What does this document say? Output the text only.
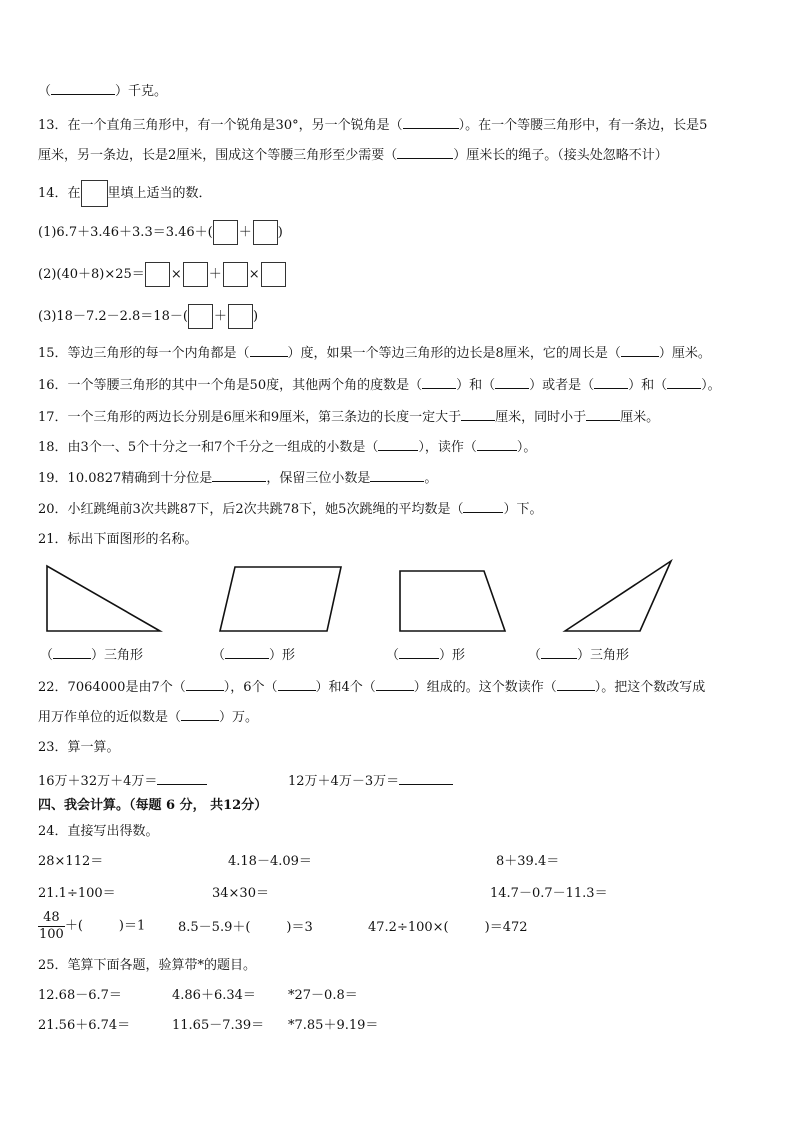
（	）千克。
13．在一个直角三角形中，有一个锐角是30°，另一个锐角是（	）。在一个等腰三角形中，有一条边，长是5
厘米，另一条边，长是2厘米，围成这个等腰三角形至少需要（	）厘米长的绳子。（接头处忽略不计）
14．在 里填上适当的数．
(1)6.7＋3.46＋3.3＝3.46＋( ＋ )
(2)(40＋8)×25＝ × ＋ ×
(3)18－7.2－2.8＝18－( ＋ )
15．等边三角形的每一个内角都是（	）度，如果一个等边三角形的边长是8厘米，它的周长是（	）厘米。
16．一个等腰三角形的其中一个角是50度，其他两个角的度数是（	）和（	）或者是（	）和（	）。
17．一个三角形的两边长分别是6厘米和9厘米，第三条边的长度一定大于	厘米，同时小于	厘米。
18．由3个一、5个十分之一和7个千分之一组成的小数是（	），读作（	）。
19．10.0827精确到十分位是	，保留三位小数是	。
20．小红跳绳前3次共跳87下，后2次共跳78下，她5次跳绳的平均数是（	）下。
21．标出下面图形的名称。
（	）三角形	（	）形	（	）形	（	）三角形
22．7064000是由7个（	），6个（	）和4个（	）组成的。这个数读作（	）。把这个数改写成
用万作单位的近似数是（	）万。
23．算一算。
16万＋32万＋4万＝	12万＋4万－3万＝
四、我会计算。（每题 6 分， 共12分）
24．直接写出得数。
28×112＝	4.18－4.09＝	8＋39.4＝
21.1÷100＝	34×30＝	14.7－0.7－11.3＝
$\frac{48}{100}$ ＋(	)＝1	8.5－5.9＋(	)＝3	47.2÷100×(	)＝472
25．笔算下面各题，验算带*的题目。
12.68－6.7＝	4.86＋6.34＝ *27－0.8＝
21.56＋6.74＝	11.65－7.39＝ *7.85＋9.19＝
